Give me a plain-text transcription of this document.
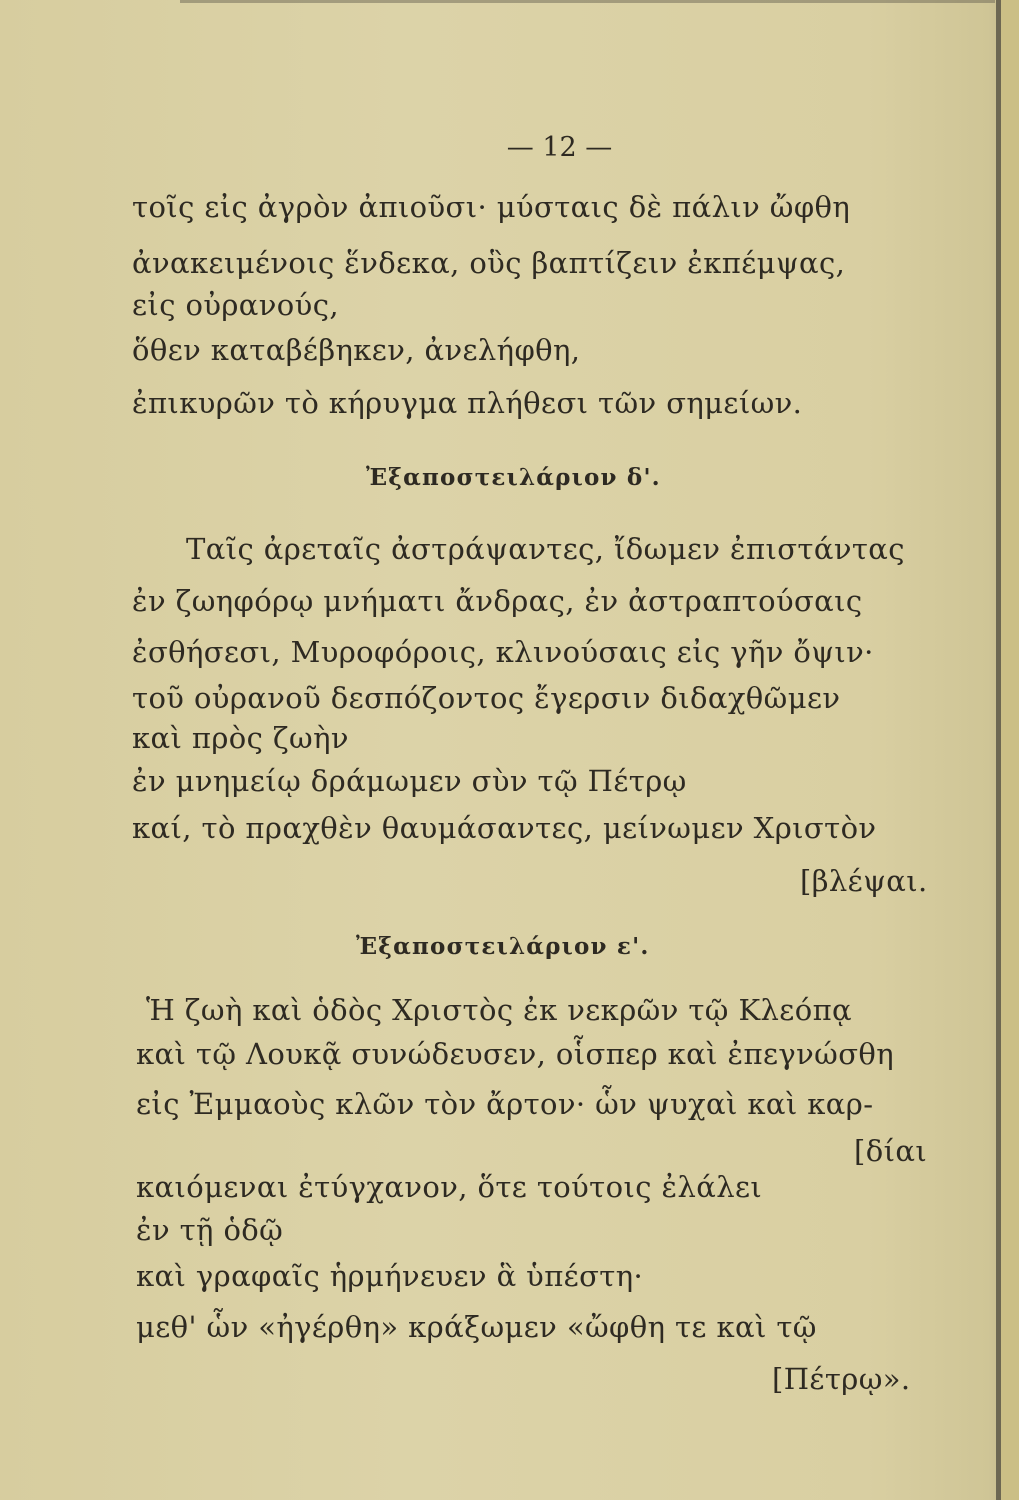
— 12 —
τοῖς εἰς ἀγρὸν ἀπιοῦσι· μύσταις δὲ πάλιν ὤφθη
ἀνακειμένοις ἕνδεκα, οὓς βαπτίζειν ἐκπέμψας,
εἰς οὐρανούς,
ὅθεν καταβέβηκεν, ἀνελήφθη,
ἐπικυρῶν τὸ κήρυγμα πλήθεσι τῶν σημείων.
Ἐξαποστειλάριον δ'.
Ταῖς ἀρεταῖς ἀστράψαντες, ἴδωμεν ἐπιστάντας
ἐν ζωηφόρῳ μνήματι ἄνδρας, ἐν ἀστραπτούσαις
ἐσθήσεσι, Μυροφόροις, κλινούσαις εἰς γῆν ὄψιν·
τοῦ οὐρανοῦ δεσπόζοντος ἔγερσιν διδαχθῶμεν
καὶ πρὸς ζωὴν
ἐν μνημείῳ δράμωμεν σὺν τῷ Πέτρῳ
καί, τὸ πραχθὲν θαυμάσαντες, μείνωμεν Χριστὸν
[βλέψαι.
Ἐξαποστειλάριον ε'.
Ἡ ζωὴ καὶ ὁδὸς Χριστὸς ἐκ νεκρῶν τῷ Κλεόπᾳ
καὶ τῷ Λουκᾷ συνώδευσεν, οἷσπερ καὶ ἐπεγνώσθη
εἰς Ἐμμαοὺς κλῶν τὸν ἄρτον· ὧν ψυχαὶ καὶ καρ-
[δίαι
καιόμεναι ἐτύγχανον, ὅτε τούτοις ἐλάλει
ἐν τῇ ὁδῷ
καὶ γραφαῖς ἡρμήνευεν ἃ ὑπέστη·
μεθ' ὧν «ἠγέρθη» κράξωμεν «ὤφθη τε καὶ τῷ
[Πέτρῳ».
